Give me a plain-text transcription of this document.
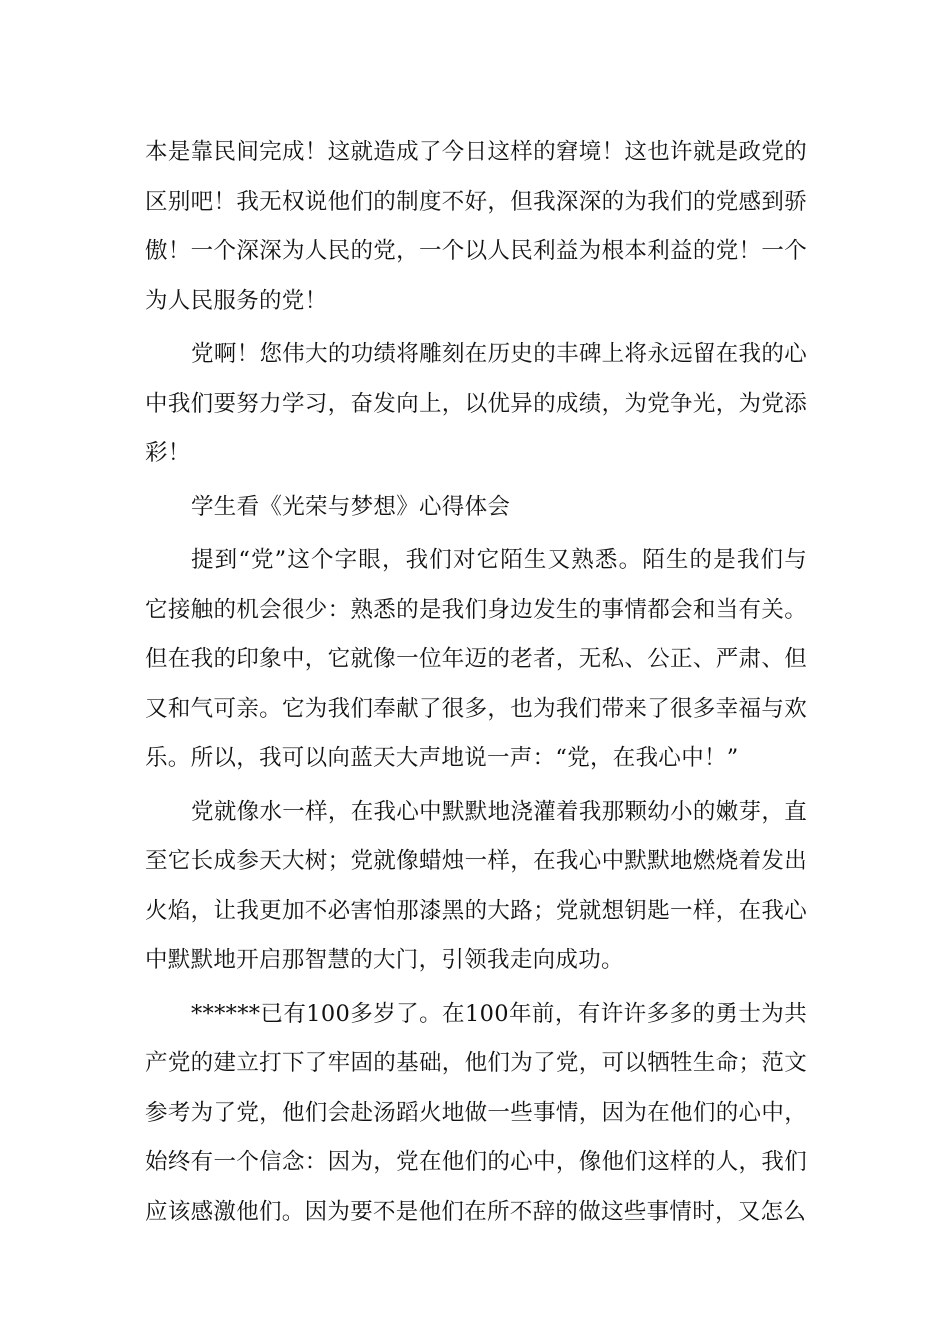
本是靠民间完成！这就造成了今日这样的窘境！这也许就是政党的区别吧！我无权说他们的制度不好，但我深深的为我们的党感到骄傲！一个深深为人民的党，一个以人民利益为根本利益的党！一个为人民服务的党！

党啊！您伟大的功绩将雕刻在历史的丰碑上将永远留在我的心中我们要努力学习，奋发向上，以优异的成绩，为党争光，为党添彩！

学生看《光荣与梦想》心得体会

提到“党”这个字眼，我们对它陌生又熟悉。陌生的是我们与它接触的机会很少：熟悉的是我们身边发生的事情都会和当有关。但在我的印象中，它就像一位年迈的老者，无私、公正、严肃、但又和气可亲。它为我们奉献了很多，也为我们带来了很多幸福与欢乐。所以，我可以向蓝天大声地说一声：“党，在我心中！”

党就像水一样，在我心中默默地浇灌着我那颗幼小的嫩芽，直至它长成参天大树；党就像蜡烛一样，在我心中默默地燃烧着发出火焰，让我更加不必害怕那漆黑的大路；党就想钥匙一样，在我心中默默地开启那智慧的大门，引领我走向成功。

******已有100多岁了。在100年前，有许许多多的勇士为共产党的建立打下了牢固的基础，他们为了党，可以牺牲生命；范文参考为了党，他们会赴汤蹈火地做一些事情，因为在他们的心中，始终有一个信念：因为，党在他们的心中，像他们这样的人，我们应该感激他们。因为要不是他们在所不辞的做这些事情时，又怎么
